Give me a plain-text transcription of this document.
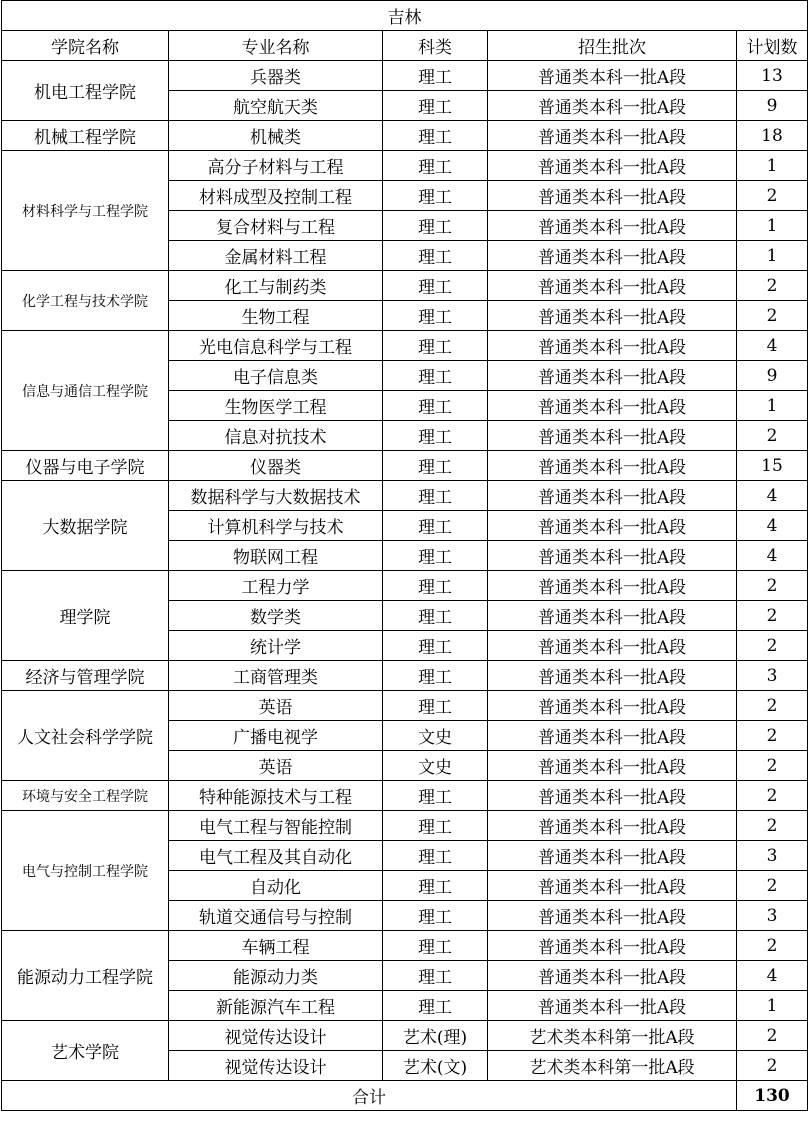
吉林				
学院名称	专业名称	科类	招生批次	计划数
机电工程学院	兵器类	理工	普通类本科一批A段	13
	航空航天类	理工	普通类本科一批A段	9
机械工程学院	机械类	理工	普通类本科一批A段	18
材料科学与工程学院	高分子材料与工程	理工	普通类本科一批A段	1
	材料成型及控制工程	理工	普通类本科一批A段	2
	复合材料与工程	理工	普通类本科一批A段	1
	金属材料工程	理工	普通类本科一批A段	1
化学工程与技术学院	化工与制药类	理工	普通类本科一批A段	2
	生物工程	理工	普通类本科一批A段	2
信息与通信工程学院	光电信息科学与工程	理工	普通类本科一批A段	4
	电子信息类	理工	普通类本科一批A段	9
	生物医学工程	理工	普通类本科一批A段	1
	信息对抗技术	理工	普通类本科一批A段	2
仪器与电子学院	仪器类	理工	普通类本科一批A段	15
大数据学院	数据科学与大数据技术	理工	普通类本科一批A段	4
	计算机科学与技术	理工	普通类本科一批A段	4
	物联网工程	理工	普通类本科一批A段	4
理学院	工程力学	理工	普通类本科一批A段	2
	数学类	理工	普通类本科一批A段	2
	统计学	理工	普通类本科一批A段	2
经济与管理学院	工商管理类	理工	普通类本科一批A段	3
人文社会科学学院	英语	理工	普通类本科一批A段	2
	广播电视学	文史	普通类本科一批A段	2
	英语	文史	普通类本科一批A段	2
环境与安全工程学院	特种能源技术与工程	理工	普通类本科一批A段	2
电气与控制工程学院	电气工程与智能控制	理工	普通类本科一批A段	2
	电气工程及其自动化	理工	普通类本科一批A段	3
	自动化	理工	普通类本科一批A段	2
	轨道交通信号与控制	理工	普通类本科一批A段	3
能源动力工程学院	车辆工程	理工	普通类本科一批A段	2
	能源动力类	理工	普通类本科一批A段	4
	新能源汽车工程	理工	普通类本科一批A段	1
艺术学院	视觉传达设计	艺术(理)	艺术类本科第一批A段	2
	视觉传达设计	艺术(文)	艺术类本科第一批A段	2
合计				130
